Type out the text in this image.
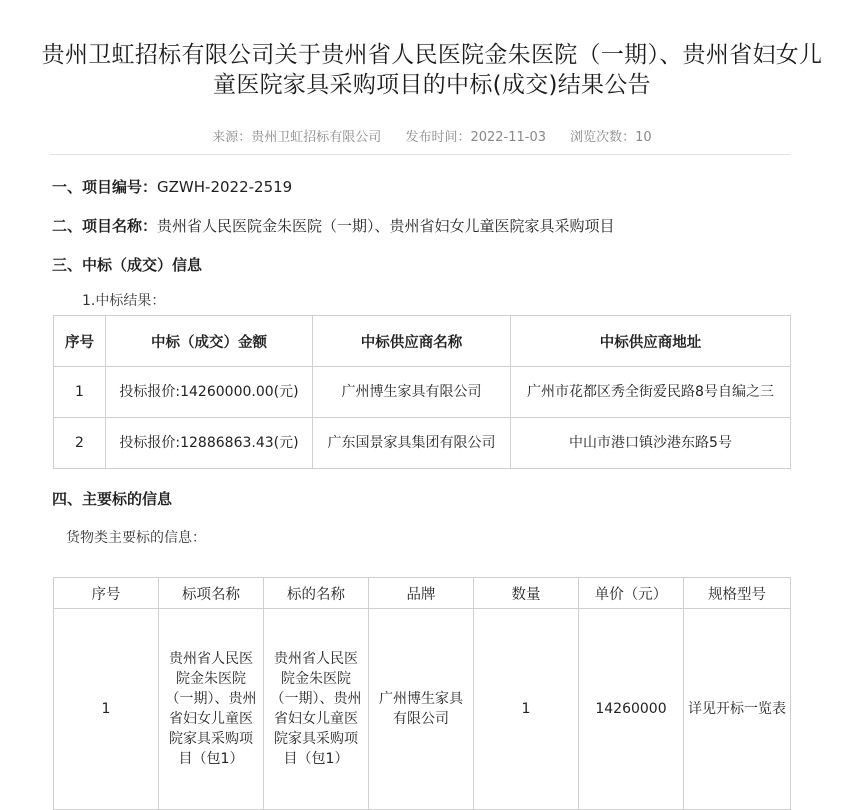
贵州卫虹招标有限公司关于贵州省人民医院金朱医院（一期）、贵州省妇女儿童医院家具采购项目的中标(成交)结果公告
来源：贵州卫虹招标有限公司 发布时间：2022-11-03 浏览次数：10
一、项目编号：GZWH-2022-2519
二、项目名称：贵州省人民医院金朱医院（一期）、贵州省妇女儿童医院家具采购项目
三、中标（成交）信息
1.中标结果：
序号	中标（成交）金额	中标供应商名称	中标供应商地址
1	投标报价:14260000.00(元)	广州博生家具有限公司	广州市花都区秀全街爱民路8号自编之三
2	投标报价:12886863.43(元)	广东国景家具集团有限公司	中山市港口镇沙港东路5号
四、主要标的信息
货物类主要标的信息：
序号	标项名称	标的名称	品牌	数量	单价（元）	规格型号
1	贵州省人民医院金朱医院（一期）、贵州省妇女儿童医院家具采购项目（包1）	贵州省人民医院金朱医院（一期）、贵州省妇女儿童医院家具采购项目（包1）	广州博生家具有限公司	1	14260000	详见开标一览表
